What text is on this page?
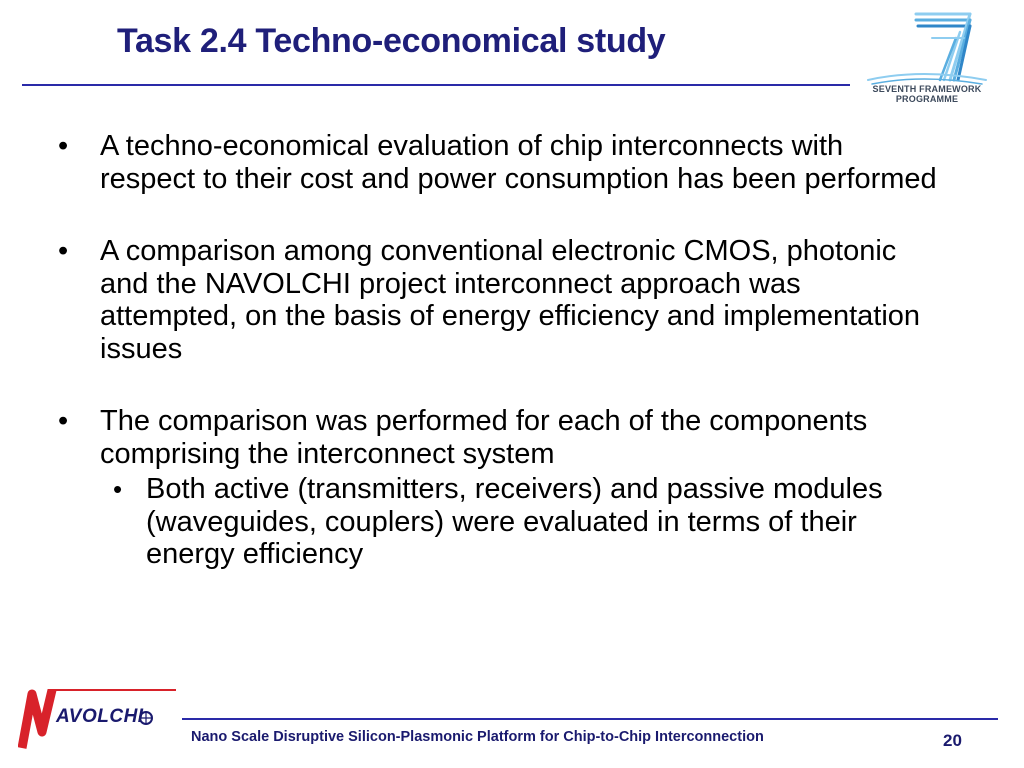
Task 2.4 Techno-economical study
SEVENTH FRAMEWORK
PROGRAMME
• A techno-economical evaluation of chip interconnects with respect to their cost and power consumption has been performed
• A comparison among conventional electronic CMOS, photonic and the NAVOLCHI project interconnect approach was attempted, on the basis of energy efficiency and implementation issues
• The comparison was performed for each of the components comprising the interconnect system
• Both active (transmitters, receivers) and passive modules (waveguides, couplers) were evaluated in terms of their energy efficiency
AVOLCHI
Nano Scale Disruptive Silicon-Plasmonic Platform for Chip-to-Chip Interconnection	20
